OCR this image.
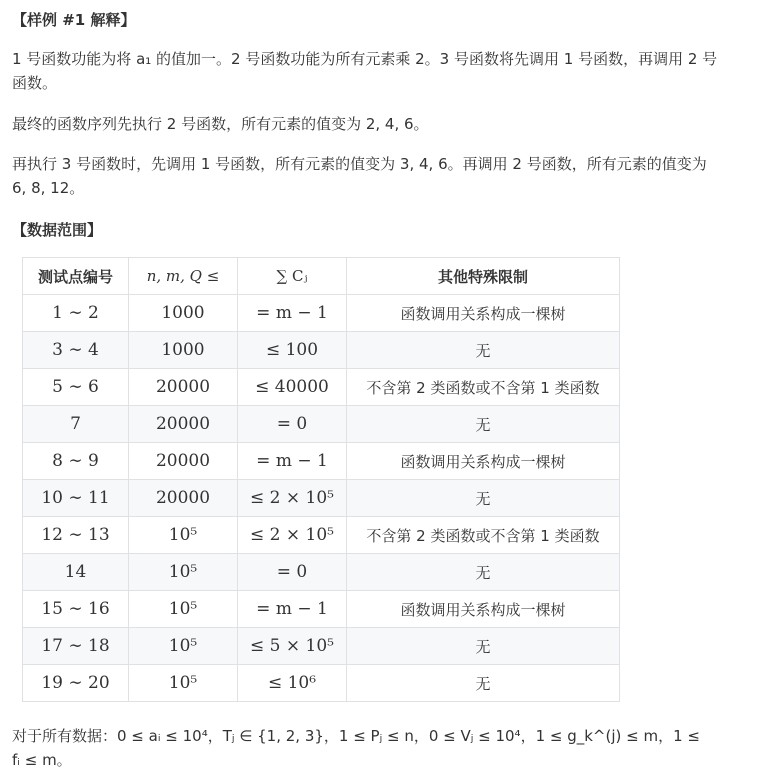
【样例 #1 解释】

1 号函数功能为将 a₁ 的值加一。2 号函数功能为所有元素乘 2。3 号函数将先调用 1 号函数，再调用 2 号
函数。

最终的函数序列先执行 2 号函数，所有元素的值变为 2, 4, 6。

再执行 3 号函数时，先调用 1 号函数，所有元素的值变为 3, 4, 6。再调用 2 号函数，所有元素的值变为
6, 8, 12。

【数据范围】
测试点编号	n, m, Q ≤	∑ Cⱼ	其他特殊限制
1 ∼ 2	1000	= m − 1	函数调用关系构成一棵树
3 ∼ 4	1000	≤ 100	无
5 ∼ 6	20000	≤ 40000	不含第 2 类函数或不含第 1 类函数
7	20000	= 0	无
8 ∼ 9	20000	= m − 1	函数调用关系构成一棵树
10 ∼ 11	20000	≤ 2 × 10⁵	无
12 ∼ 13	10⁵	≤ 2 × 10⁵	不含第 2 类函数或不含第 1 类函数
14	10⁵	= 0	无
15 ∼ 16	10⁵	= m − 1	函数调用关系构成一棵树
17 ∼ 18	10⁵	≤ 5 × 10⁵	无
19 ∼ 20	10⁵	≤ 10⁶	无

对于所有数据：0 ≤ aᵢ ≤ 10⁴，Tⱼ ∈ {1, 2, 3}，1 ≤ Pⱼ ≤ n，0 ≤ Vⱼ ≤ 10⁴，1 ≤ g_k^(j) ≤ m，1 ≤
fᵢ ≤ m。
